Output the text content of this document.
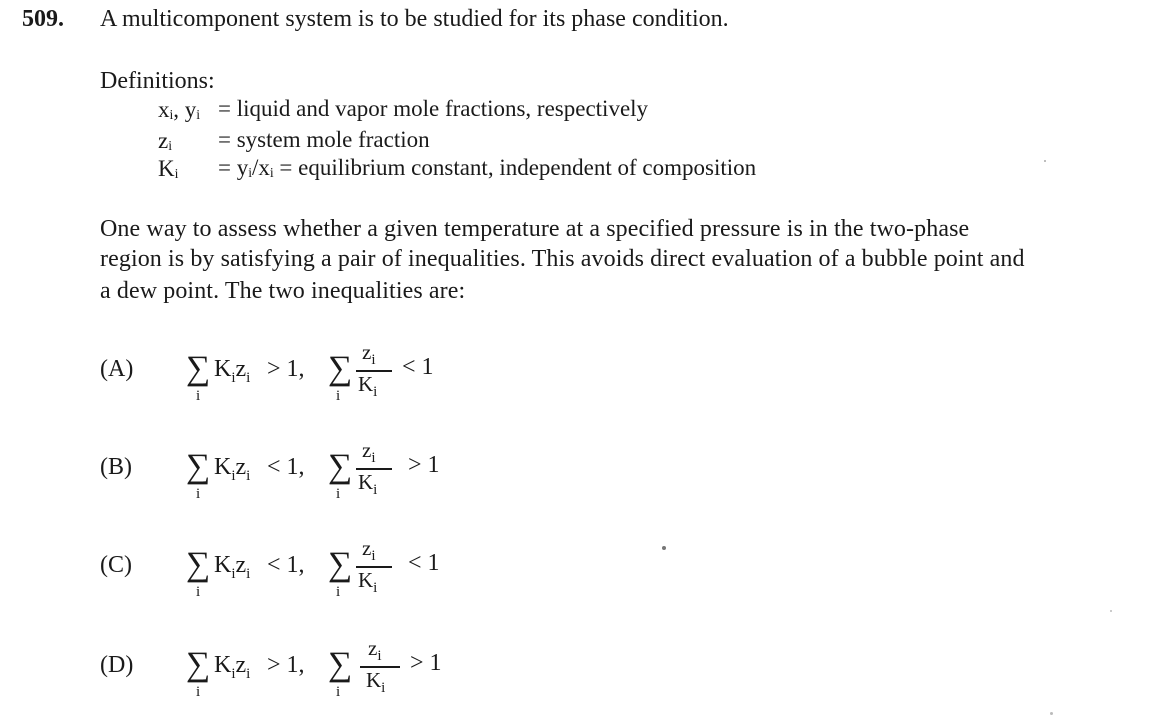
509. A multicomponent system is to be studied for its phase condition.
Definitions:
xᵢ, yᵢ = liquid and vapor mole fractions, respectively
zᵢ = system mole fraction
Kᵢ = yᵢ/xᵢ = equilibrium constant, independent of composition
One way to assess whether a given temperature at a specified pressure is in the two-phase
region is by satisfying a pair of inequalities. This avoids direct evaluation of a bubble point and
a dew point. The two inequalities are:
(A) ∑
i
$K_iz_i > 1$, ∑
i
$z_i$
$K_i$
< 1
(B) ∑
i
$K_iz_i < 1$, ∑
i
$z_i$
$K_i$
> 1
(C) ∑
i
$K_iz_i < 1$, ∑
i
$z_i$
$K_i$
< 1
(D) ∑
i
$K_iz_i > 1$, ∑
i
$z_i$
$K_i$
> 1
